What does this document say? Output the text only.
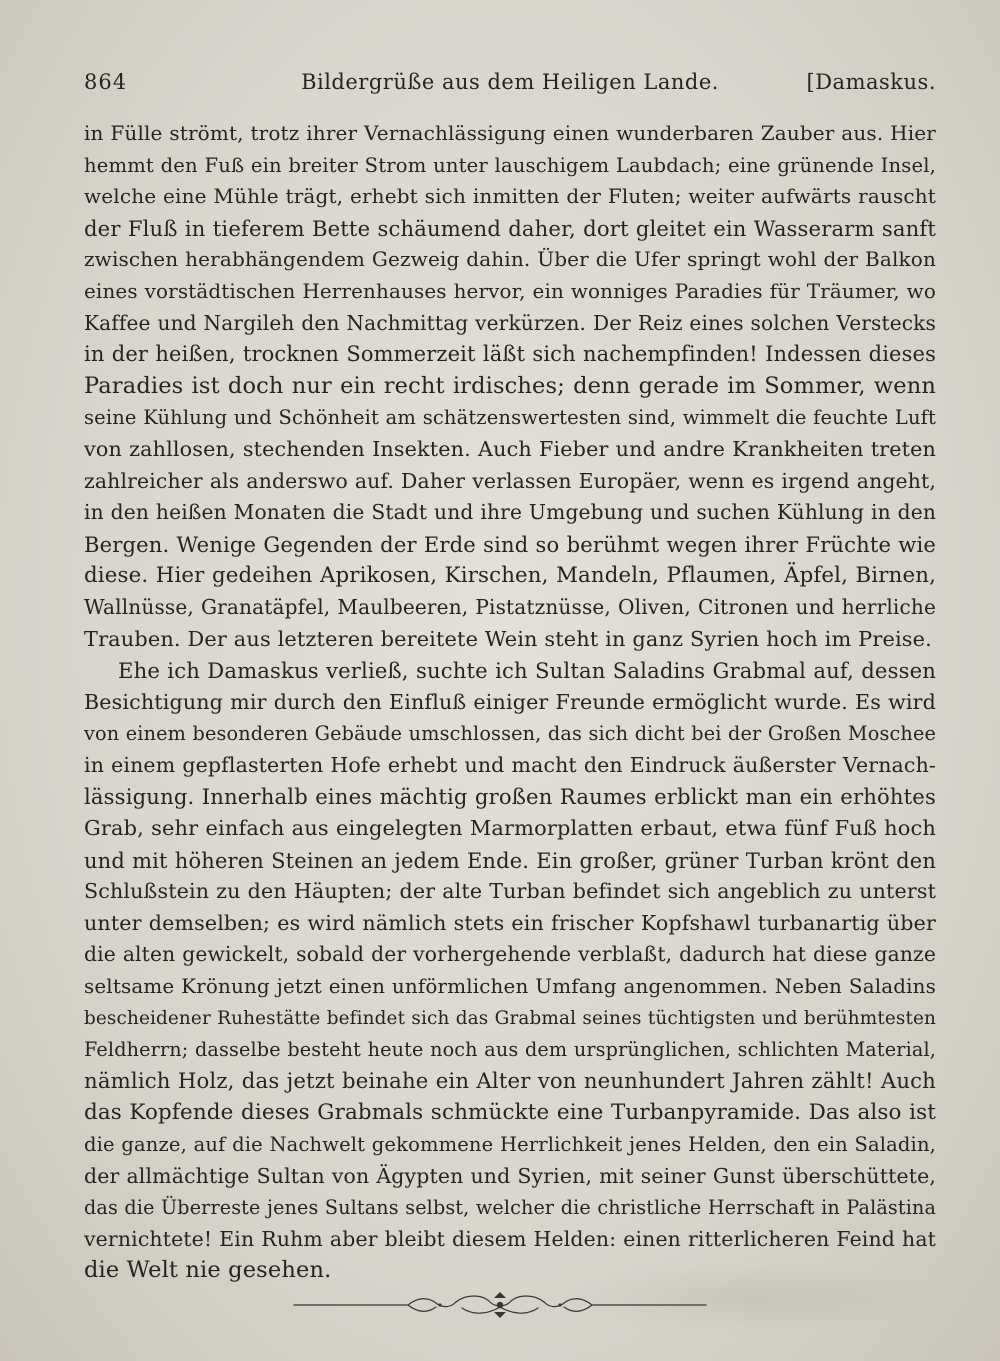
864	Bildergrüße aus dem Heiligen Lande.	[Damaskus.
in Fülle strömt, trotz ihrer Vernachlässigung einen wunderbaren Zauber aus. Hier
hemmt den Fuß ein breiter Strom unter lauschigem Laubdach; eine grünende Insel,
welche eine Mühle trägt, erhebt sich inmitten der Fluten; weiter aufwärts rauscht
der Fluß in tieferem Bette schäumend daher, dort gleitet ein Wasserarm sanft
zwischen herabhängendem Gezweig dahin. Über die Ufer springt wohl der Balkon
eines vorstädtischen Herrenhauses hervor, ein wonniges Paradies für Träumer, wo
Kaffee und Nargileh den Nachmittag verkürzen. Der Reiz eines solchen Verstecks
in der heißen, trocknen Sommerzeit läßt sich nachempfinden! Indessen dieses
Paradies ist doch nur ein recht irdisches; denn gerade im Sommer, wenn
seine Kühlung und Schönheit am schätzenswertesten sind, wimmelt die feuchte Luft
von zahllosen, stechenden Insekten. Auch Fieber und andre Krankheiten treten
zahlreicher als anderswo auf. Daher verlassen Europäer, wenn es irgend angeht,
in den heißen Monaten die Stadt und ihre Umgebung und suchen Kühlung in den
Bergen. Wenige Gegenden der Erde sind so berühmt wegen ihrer Früchte wie
diese. Hier gedeihen Aprikosen, Kirschen, Mandeln, Pflaumen, Äpfel, Birnen,
Wallnüsse, Granatäpfel, Maulbeeren, Pistatznüsse, Oliven, Citronen und herrliche
Trauben. Der aus letzteren bereitete Wein steht in ganz Syrien hoch im Preise.
Ehe ich Damaskus verließ, suchte ich Sultan Saladins Grabmal auf, dessen
Besichtigung mir durch den Einfluß einiger Freunde ermöglicht wurde. Es wird
von einem besonderen Gebäude umschlossen, das sich dicht bei der Großen Moschee
in einem gepflasterten Hofe erhebt und macht den Eindruck äußerster Vernach-
lässigung. Innerhalb eines mächtig großen Raumes erblickt man ein erhöhtes
Grab, sehr einfach aus eingelegten Marmorplatten erbaut, etwa fünf Fuß hoch
und mit höheren Steinen an jedem Ende. Ein großer, grüner Turban krönt den
Schlußstein zu den Häupten; der alte Turban befindet sich angeblich zu unterst
unter demselben; es wird nämlich stets ein frischer Kopfshawl turbanartig über
die alten gewickelt, sobald der vorhergehende verblaßt, dadurch hat diese ganze
seltsame Krönung jetzt einen unförmlichen Umfang angenommen. Neben Saladins
bescheidener Ruhestätte befindet sich das Grabmal seines tüchtigsten und berühmtesten
Feldherrn; dasselbe besteht heute noch aus dem ursprünglichen, schlichten Material,
nämlich Holz, das jetzt beinahe ein Alter von neunhundert Jahren zählt! Auch
das Kopfende dieses Grabmals schmückte eine Turbanpyramide. Das also ist
die ganze, auf die Nachwelt gekommene Herrlichkeit jenes Helden, den ein Saladin,
der allmächtige Sultan von Ägypten und Syrien, mit seiner Gunst überschüttete,
das die Überreste jenes Sultans selbst, welcher die christliche Herrschaft in Palästina
vernichtete! Ein Ruhm aber bleibt diesem Helden: einen ritterlicheren Feind hat
die Welt nie gesehen.
